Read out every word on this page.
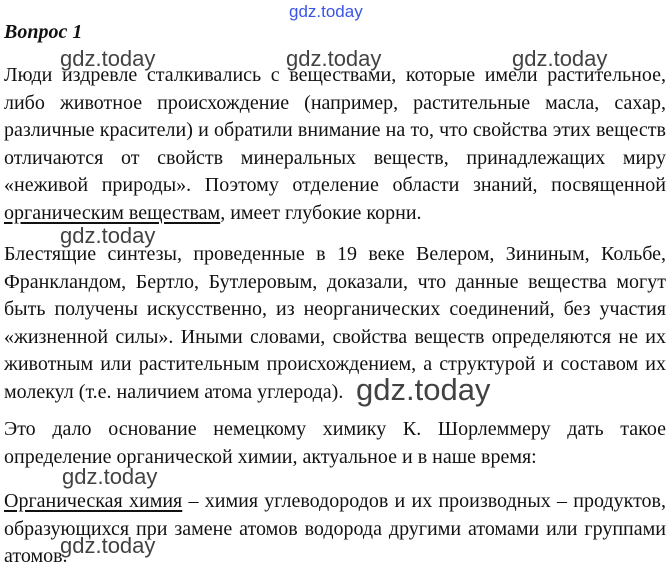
gdz.today
Вопрос 1

Люди издревле сталкивались с веществами, которые имели растительное, либо животное происхождение (например, растительные масла, сахар, различные красители) и обратили внимание на то, что свойства этих веществ отличаются от свойств минеральных веществ, принадлежащих миру «неживой природы». Поэтому отделение области знаний, посвященной органическим веществам, имеет глубокие корни.

Блестящие синтезы, проведенные в 19 веке Велером, Зининым, Кольбе, Франкландом, Бертло, Бутлеровым, доказали, что данные вещества могут быть получены искусственно, из неорганических соединений, без участия «жизненной силы». Иными словами, свойства веществ определяются не их животным или растительным происхождением, а структурой и составом их молекул (т.е. наличием атома углерода).

Это дало основание немецкому химику К. Шорлеммеру дать такое определение органической химии, актуальное и в наше время:

Органическая химия – химия углеводородов и их производных – продуктов, образующихся при замене атомов водорода другими атомами или группами атомов.

gdz.today	gdz.today	gdz.today
gdz.today
gdz.today
gdz.today
gdz.today
